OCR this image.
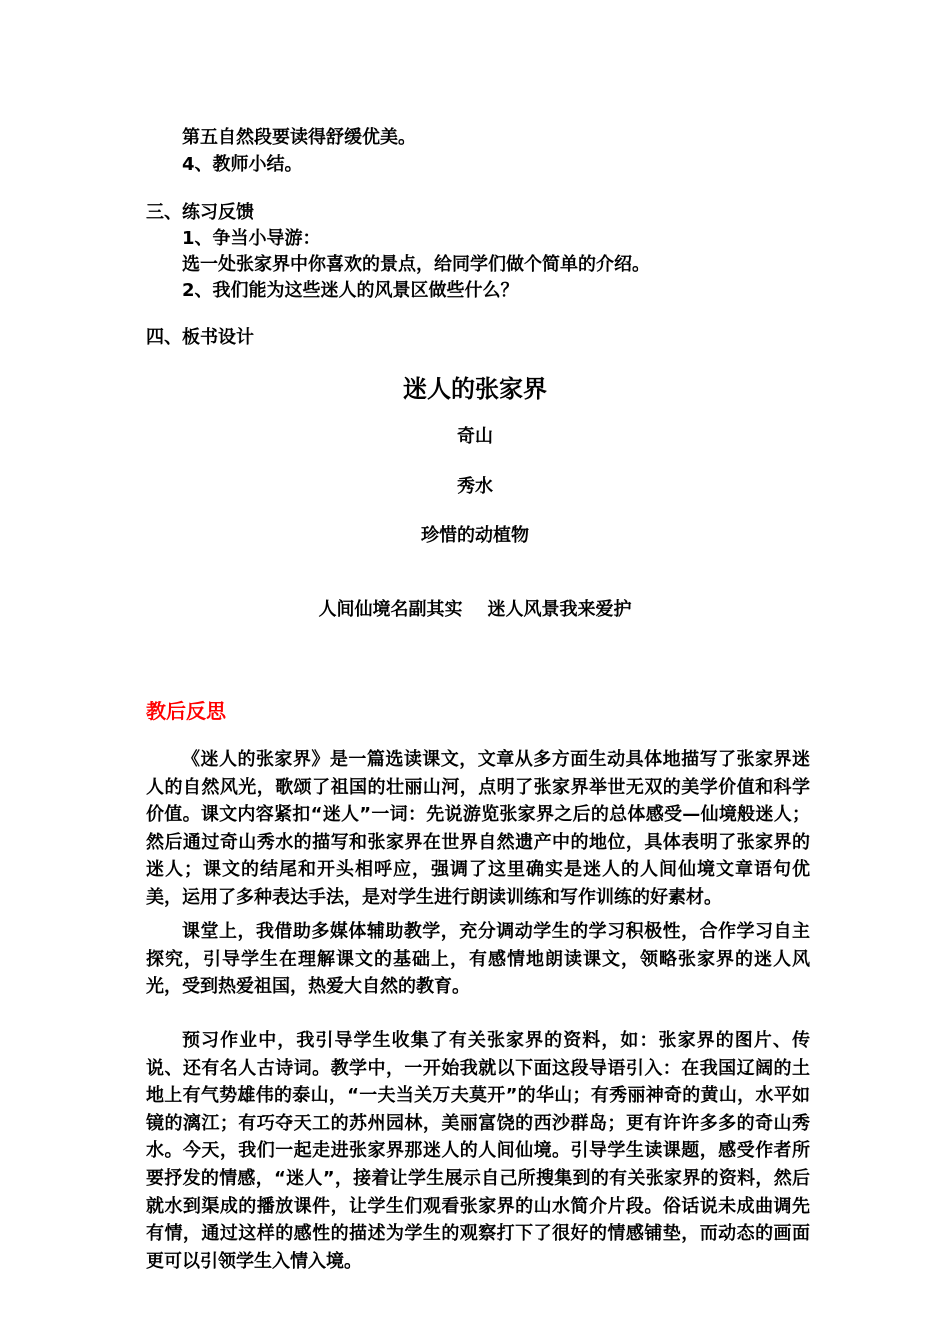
第五自然段要读得舒缓优美。
4、教师小结。
三、练习反馈
1、争当小导游：
选一处张家界中你喜欢的景点，给同学们做个简单的介绍。
2、我们能为这些迷人的风景区做些什么？
四、板书设计
迷人的张家界
奇山
秀水
珍惜的动植物
人间仙境名副其实    迷人风景我来爱护
教后反思

《迷人的张家界》是一篇选读课文，文章从多方面生动具体地描写了张家界迷人的自然风光，歌颂了祖国的壮丽山河，点明了张家界举世无双的美学价值和科学价值。课文内容紧扣“迷人”一词：先说游览张家界之后的总体感受—仙境般迷人；然后通过奇山秀水的描写和张家界在世界自然遗产中的地位，具体表明了张家界的迷人；课文的结尾和开头相呼应，强调了这里确实是迷人的人间仙境文章语句优美，运用了多种表达手法，是对学生进行朗读训练和写作训练的好素材。

课堂上，我借助多媒体辅助教学，充分调动学生的学习积极性，合作学习自主探究，引导学生在理解课文的基础上，有感情地朗读课文，领略张家界的迷人风光，受到热爱祖国，热爱大自然的教育。

预习作业中，我引导学生收集了有关张家界的资料，如：张家界的图片、传说、还有名人古诗词。教学中，一开始我就以下面这段导语引入：在我国辽阔的土地上有气势雄伟的泰山，“一夫当关万夫莫开”的华山；有秀丽神奇的黄山，水平如镜的漓江；有巧夺天工的苏州园林，美丽富饶的西沙群岛；更有许许多多的奇山秀水。今天，我们一起走进张家界那迷人的人间仙境。引导学生读课题，感受作者所要抒发的情感，“迷人”，接着让学生展示自己所搜集到的有关张家界的资料，然后就水到渠成的播放课件，让学生们观看张家界的山水简介片段。俗话说未成曲调先有情，通过这样的感性的描述为学生的观察打下了很好的情感铺垫，而动态的画面更可以引领学生入情入境。
